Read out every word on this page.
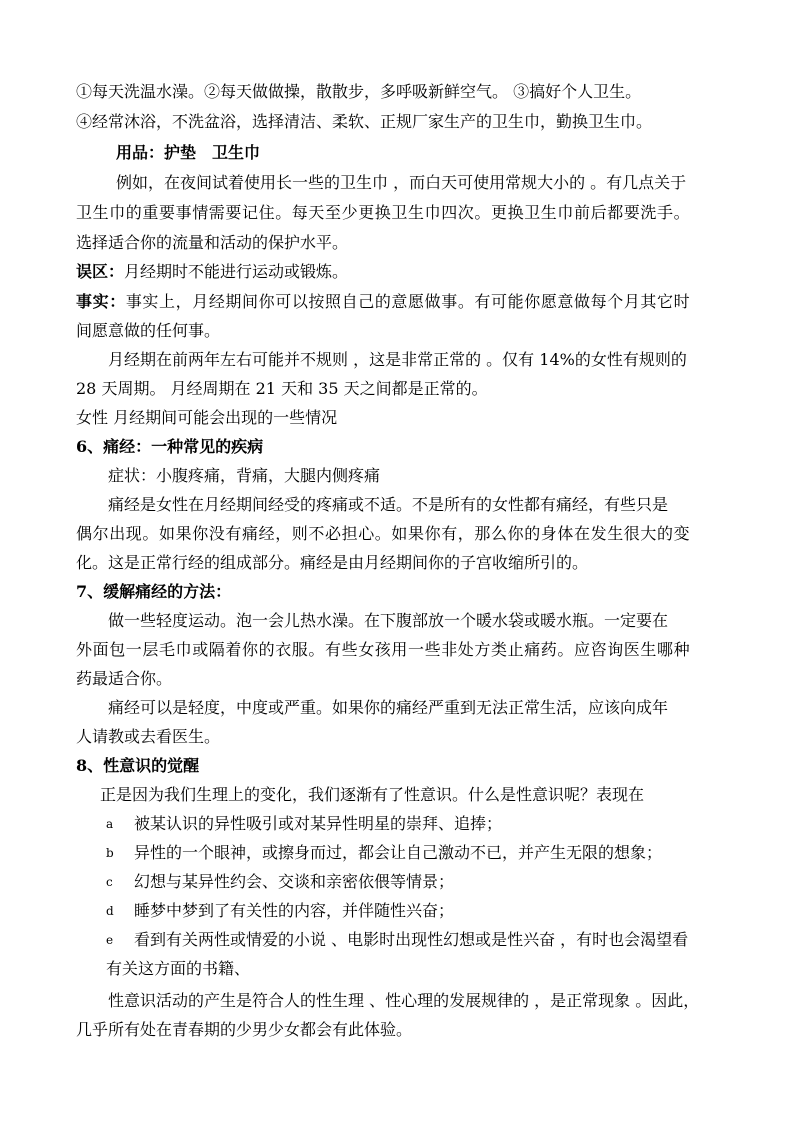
①每天洗温水澡。②每天做做操，散散步，多呼吸新鲜空气。 ③搞好个人卫生。
④经常沐浴，不洗盆浴，选择清洁、柔软、正规厂家生产的卫生巾，勤换卫生巾。
用品：护垫　卫生巾
例如，在夜间试着使用长一些的卫生巾 ，而白天可使用常规大小的 。有几点关于
卫生巾的重要事情需要记住。每天至少更换卫生巾四次。更换卫生巾前后都要洗手。
选择适合你的流量和活动的保护水平。
误区：月经期时不能进行运动或锻炼。
事实：事实上，月经期间你可以按照自己的意愿做事。有可能你愿意做每个月其它时
间愿意做的任何事。
月经期在前两年左右可能并不规则 ，这是非常正常的 。仅有 14%的女性有规则的
28 天周期。 月经周期在 21 天和 35 天之间都是正常的。
女性 月经期间可能会出现的一些情况
6、痛经：一种常见的疾病
症状：小腹疼痛，背痛，大腿内侧疼痛
痛经是女性在月经期间经受的疼痛或不适。不是所有的女性都有痛经，有些只是
偶尔出现。如果你没有痛经，则不必担心。如果你有，那么你的身体在发生很大的变
化。这是正常行经的组成部分。痛经是由月经期间你的子宫收缩所引的。
7、缓解痛经的方法：
做一些轻度运动。泡一会儿热水澡。在下腹部放一个暖水袋或暖水瓶。一定要在
外面包一层毛巾或隔着你的衣服。有些女孩用一些非处方类止痛药。应咨询医生哪种
药最适合你。
痛经可以是轻度，中度或严重。如果你的痛经严重到无法正常生活，应该向成年
人请教或去看医生。
8、性意识的觉醒
正是因为我们生理上的变化，我们逐渐有了性意识。什么是性意识呢？表现在
a 被某认识的异性吸引或对某异性明星的崇拜、追捧；
b 异性的一个眼神，或擦身而过，都会让自己激动不已，并产生无限的想象；
c 幻想与某异性约会、交谈和亲密依偎等情景；
d 睡梦中梦到了有关性的内容，并伴随性兴奋；
e 看到有关两性或情爱的小说 、电影时出现性幻想或是性兴奋 ，有时也会渴望看
有关这方面的书籍、
性意识活动的产生是符合人的性生理 、性心理的发展规律的 ，是正常现象 。因此，
几乎所有处在青春期的少男少女都会有此体验。
